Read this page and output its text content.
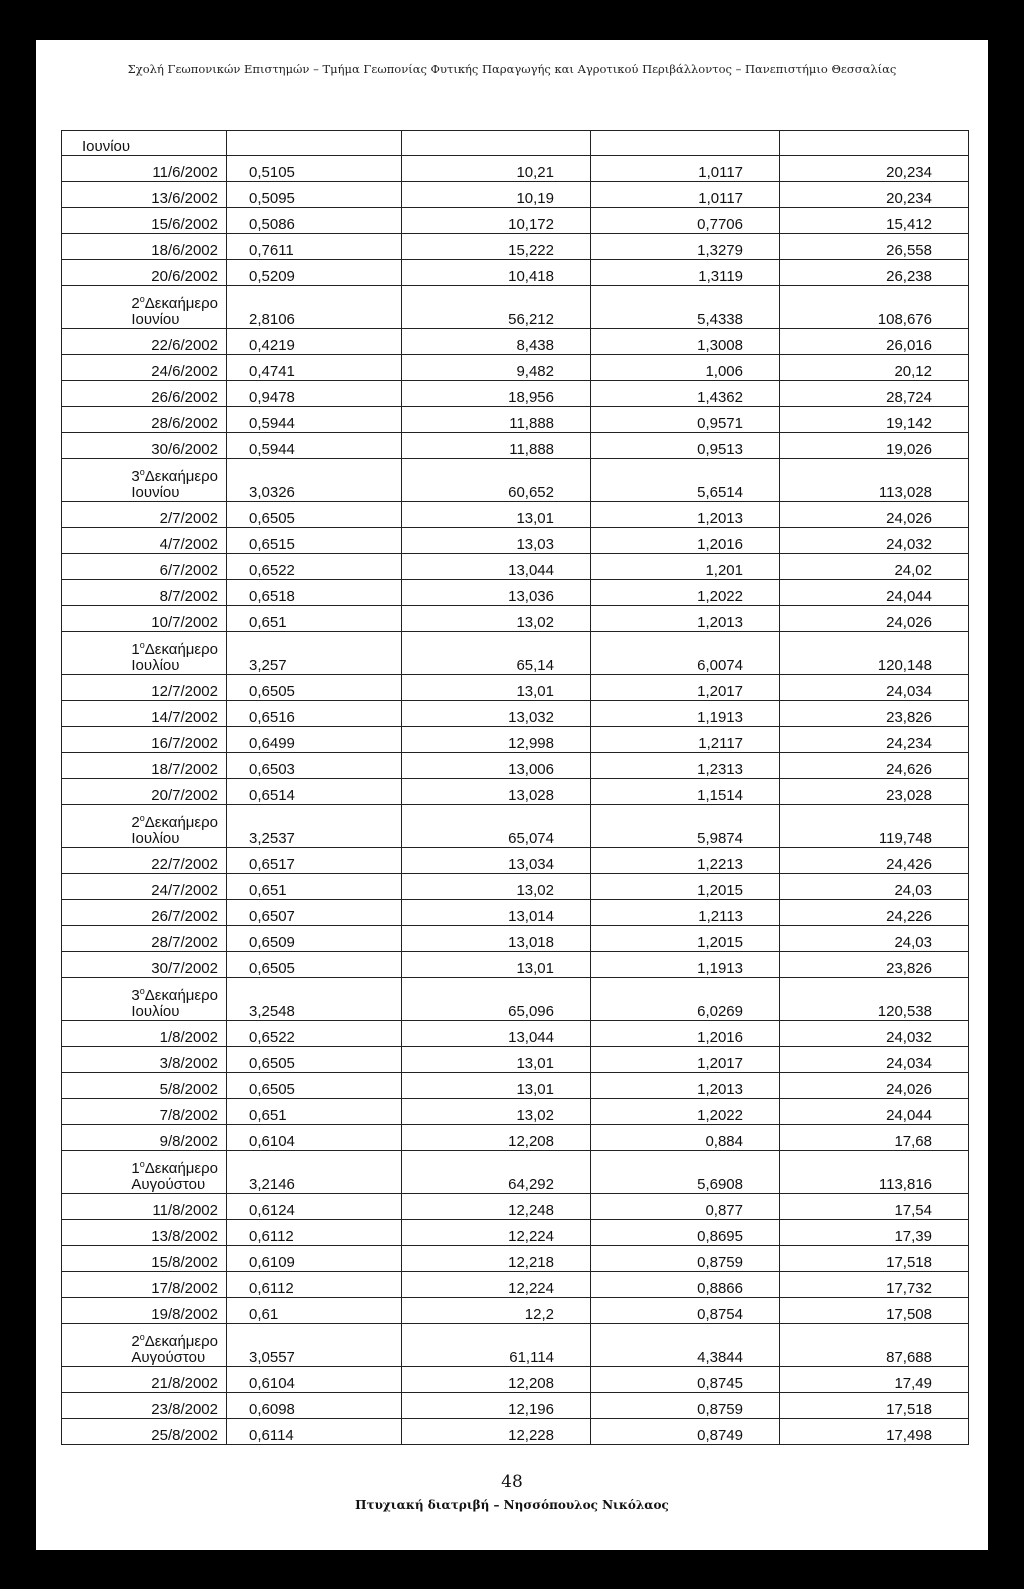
Σχολή Γεωπονικών Επιστημών – Τμήμα Γεωπονίας Φυτικής Παραγωγής και Αγροτικού Περιβάλλοντος – Πανεπιστήμιο Θεσσαλίας
Ιουνίου				
11/6/2002	0,5105	10,21	1,0117	20,234
13/6/2002	0,5095	10,19	1,0117	20,234
15/6/2002	0,5086	10,172	0,7706	15,412
18/6/2002	0,7611	15,222	1,3279	26,558
20/6/2002	0,5209	10,418	1,3119	26,238

2$^o$Δεκαήμερο
Ιουνίου	2,8106	56,212	5,4338	108,676
22/6/2002	0,4219	8,438	1,3008	26,016
24/6/2002	0,4741	9,482	1,006	20,12
26/6/2002	0,9478	18,956	1,4362	28,724
28/6/2002	0,5944	11,888	0,9571	19,142
30/6/2002	0,5944	11,888	0,9513	19,026

3$^o$Δεκαήμερο
Ιουνίου	3,0326	60,652	5,6514	113,028
2/7/2002	0,6505	13,01	1,2013	24,026
4/7/2002	0,6515	13,03	1,2016	24,032
6/7/2002	0,6522	13,044	1,201	24,02
8/7/2002	0,6518	13,036	1,2022	24,044
10/7/2002	0,651	13,02	1,2013	24,026

1$^o$Δεκαήμερο
Ιουλίου	3,257	65,14	6,0074	120,148
12/7/2002	0,6505	13,01	1,2017	24,034
14/7/2002	0,6516	13,032	1,1913	23,826
16/7/2002	0,6499	12,998	1,2117	24,234
18/7/2002	0,6503	13,006	1,2313	24,626
20/7/2002	0,6514	13,028	1,1514	23,028

2$^o$Δεκαήμερο
Ιουλίου	3,2537	65,074	5,9874	119,748
22/7/2002	0,6517	13,034	1,2213	24,426
24/7/2002	0,651	13,02	1,2015	24,03
26/7/2002	0,6507	13,014	1,2113	24,226
28/7/2002	0,6509	13,018	1,2015	24,03
30/7/2002	0,6505	13,01	1,1913	23,826

3$^o$Δεκαήμερο
Ιουλίου	3,2548	65,096	6,0269	120,538
1/8/2002	0,6522	13,044	1,2016	24,032
3/8/2002	0,6505	13,01	1,2017	24,034
5/8/2002	0,6505	13,01	1,2013	24,026
7/8/2002	0,651	13,02	1,2022	24,044
9/8/2002	0,6104	12,208	0,884	17,68

1$^o$Δεκαήμερο
Αυγούστου	3,2146	64,292	5,6908	113,816
11/8/2002	0,6124	12,248	0,877	17,54
13/8/2002	0,6112	12,224	0,8695	17,39
15/8/2002	0,6109	12,218	0,8759	17,518
17/8/2002	0,6112	12,224	0,8866	17,732
19/8/2002	0,61	12,2	0,8754	17,508

2$^o$Δεκαήμερο
Αυγούστου	3,0557	61,114	4,3844	87,688
21/8/2002	0,6104	12,208	0,8745	17,49
23/8/2002	0,6098	12,196	0,8759	17,518
25/8/2002	0,6114	12,228	0,8749	17,498
48
Πτυχιακή διατριβή – Νησσόπουλος Νικόλαος
